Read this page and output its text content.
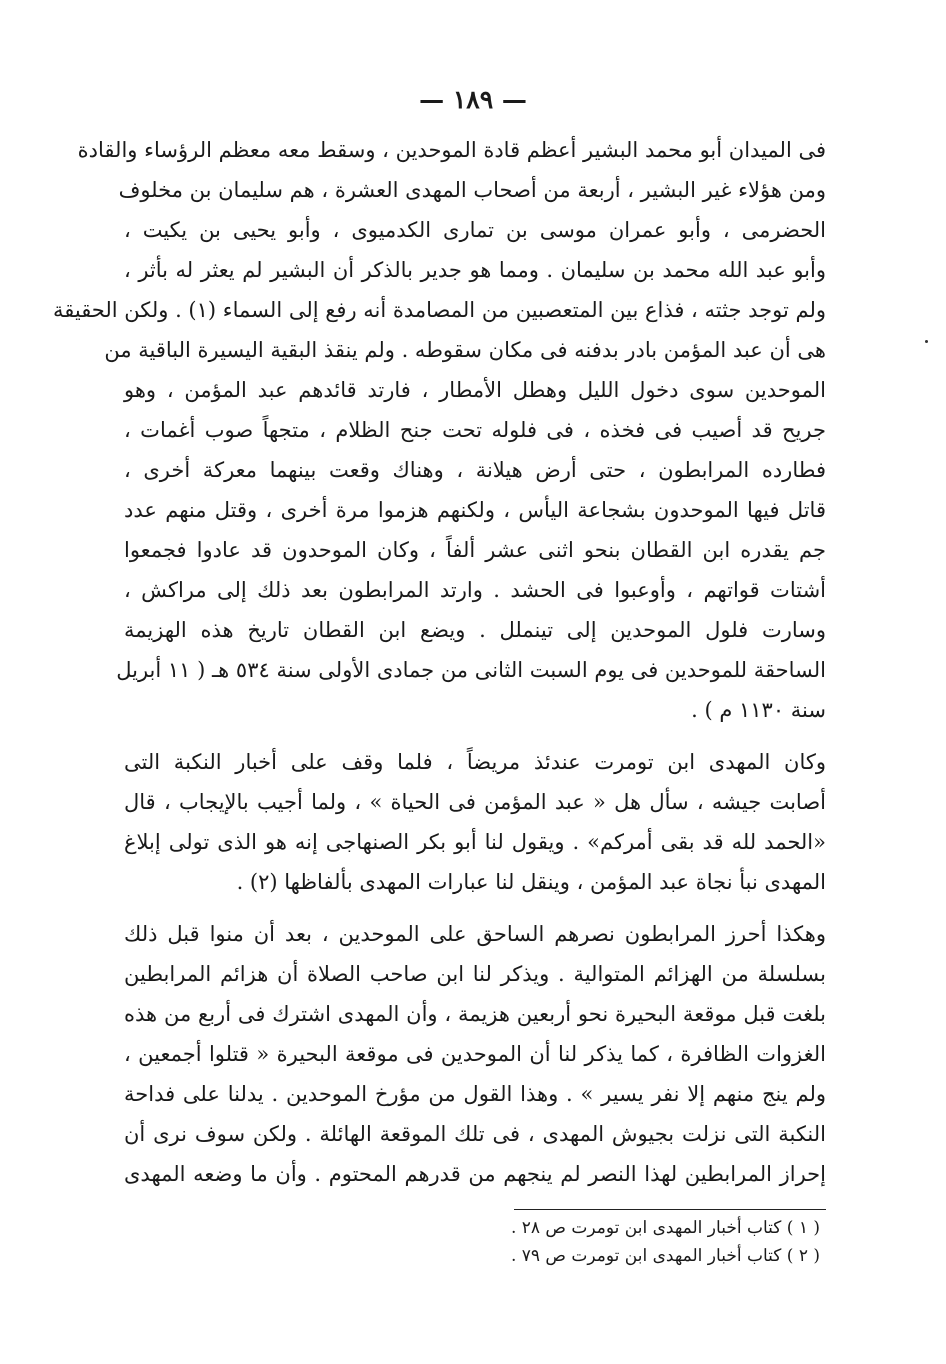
— ١٨٩ —
فى الميدان أبو محمد البشير أعظم قادة الموحدين ، وسقط معه معظم الرؤساء والقادة
ومن هؤلاء غير البشير ، أربعة من أصحاب المهدى العشرة ، هم سليمان بن مخلوف
الحضرمى ، وأبو عمران موسى بن تمارى الكدميوى ، وأبو يحيى بن يكيت ،
وأبو عبد الله محمد بن سليمان . ومما هو جدير بالذكر أن البشير لم يعثر له بأثر ،
ولم توجد جثته ، فذاع بين المتعصبين من المصامدة أنه رفع إلى السماء (١) . ولكن الحقيقة
هى أن عبد المؤمن بادر بدفنه فى مكان سقوطه . ولم ينقذ البقية اليسيرة الباقية من
الموحدين سوى دخول الليل وهطل الأمطار ، فارتد قائدهم عبد المؤمن ، وهو
جريح قد أصيب فى فخذه ، فى فلوله تحت جنح الظلام ، متجهاً صوب أغمات ،
فطارده المرابطون ، حتى أرض هيلانة ، وهناك وقعت بينهما معركة أخرى ،
قاتل فيها الموحدون بشجاعة اليأس ، ولكنهم هزموا مرة أخرى ، وقتل منهم عدد
جم يقدره ابن القطان بنحو اثنى عشر ألفاً ، وكان الموحدون قد عادوا فجمعوا
أشتات قواتهم ، وأوعبوا فى الحشد . وارتد المرابطون بعد ذلك إلى مراكش ،
وسارت فلول الموحدين إلى تينملل . ويضع ابن القطان تاريخ هذه الهزيمة
الساحقة للموحدين فى يوم السبت الثانى من جمادى الأولى سنة ٥٣٤ هـ ( ١١ أبريل
سنة ١١٣٠ م ) .
وكان المهدى ابن تومرت عندئذ مريضاً ، فلما وقف على أخبار النكبة التى
أصابت جيشه ، سأل هل « عبد المؤمن فى الحياة » ، ولما أجيب بالإيجاب ، قال
«الحمد لله قد بقى أمركم» . ويقول لنا أبو بكر الصنهاجى إنه هو الذى تولى إبلاغ
المهدى نبأ نجاة عبد المؤمن ، وينقل لنا عبارات المهدى بألفاظها (٢) .
وهكذا أحرز المرابطون نصرهم الساحق على الموحدين ، بعد أن منوا قبل ذلك
بسلسلة من الهزائم المتوالية . ويذكر لنا ابن صاحب الصلاة أن هزائم المرابطين
بلغت قبل موقعة البحيرة نحو أربعين هزيمة ، وأن المهدى اشترك فى أربع من هذه
الغزوات الظافرة ، كما يذكر لنا أن الموحدين فى موقعة البحيرة « قتلوا أجمعين ،
ولم ينج منهم إلا نفر يسير » . وهذا القول من مؤرخ الموحدين . يدلنا على فداحة
النكبة التى نزلت بجيوش المهدى ، فى تلك الموقعة الهائلة . ولكن سوف نرى أن
إحراز المرابطين لهذا النصر لم ينجهم من قدرهم المحتوم . وأن ما وضعه المهدى
( ١ ) كتاب أخبار المهدى ابن تومرت ص ٢٨ .
( ٢ ) كتاب أخبار المهدى ابن تومرت ص ٧٩ .
